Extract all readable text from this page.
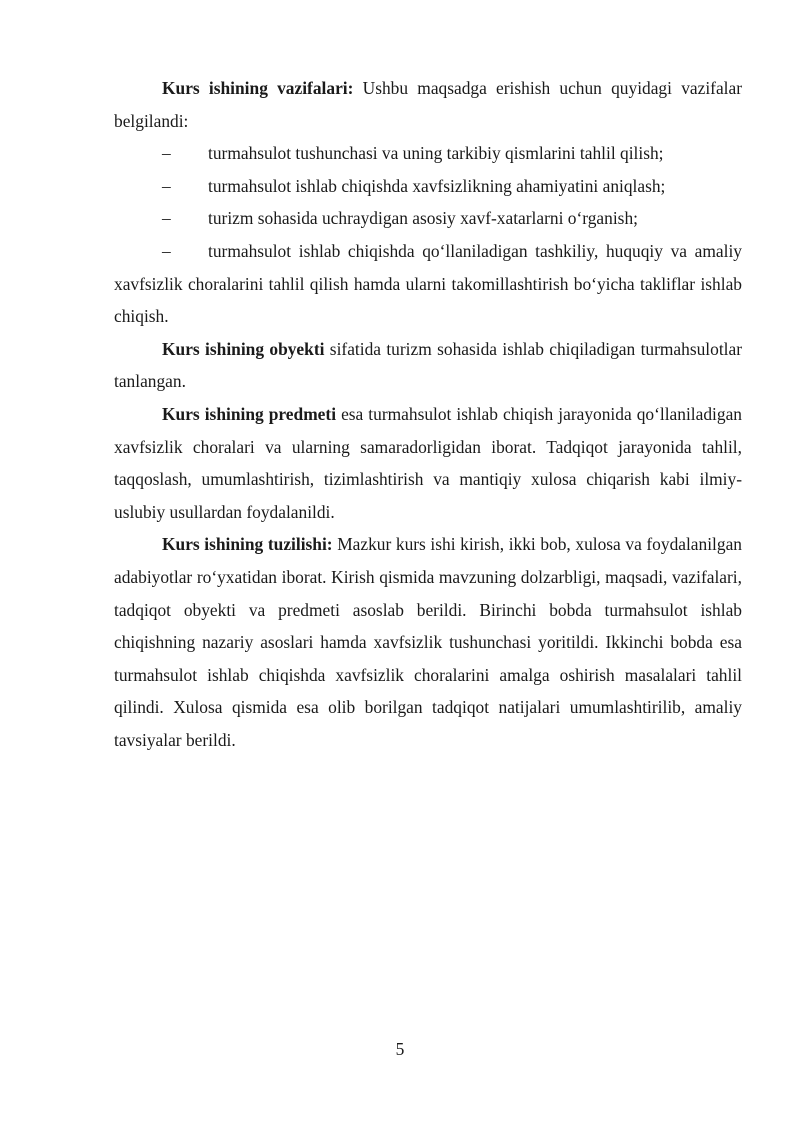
Kurs ishining vazifalari: Ushbu maqsadga erishish uchun quyidagi vazifalar belgilandi:

– turmahsulot tushunchasi va uning tarkibiy qismlarini tahlil qilish;
– turmahsulot ishlab chiqishda xavfsizlikning ahamiyatini aniqlash;
– turizm sohasida uchraydigan asosiy xavf-xatarlarni o‘rganish;
– turmahsulot ishlab chiqishda qo‘llaniladigan tashkiliy, huquqiy va amaliy xavfsizlik choralarini tahlil qilish hamda ularni takomillashtirish bo‘yicha takliflar ishlab chiqish.

Kurs ishining obyekti sifatida turizm sohasida ishlab chiqiladigan turmahsulotlar tanlangan.

Kurs ishining predmeti esa turmahsulot ishlab chiqish jarayonida qo‘llaniladigan xavfsizlik choralari va ularning samaradorligidan iborat. Tadqiqot jarayonida tahlil, taqqoslash, umumlashtirish, tizimlashtirish va mantiqiy xulosa chiqarish kabi ilmiy-uslubiy usullardan foydalanildi.

Kurs ishining tuzilishi: Mazkur kurs ishi kirish, ikki bob, xulosa va foydalanilgan adabiyotlar ro‘yxatidan iborat. Kirish qismida mavzuning dolzarbligi, maqsadi, vazifalari, tadqiqot obyekti va predmeti asoslab berildi. Birinchi bobda turmahsulot ishlab chiqishning nazariy asoslari hamda xavfsizlik tushunchasi yoritildi. Ikkinchi bobda esa turmahsulot ishlab chiqishda xavfsizlik choralarini amalga oshirish masalalari tahlil qilindi. Xulosa qismida esa olib borilgan tadqiqot natijalari umumlashtirilib, amaliy tavsiyalar berildi.

5
